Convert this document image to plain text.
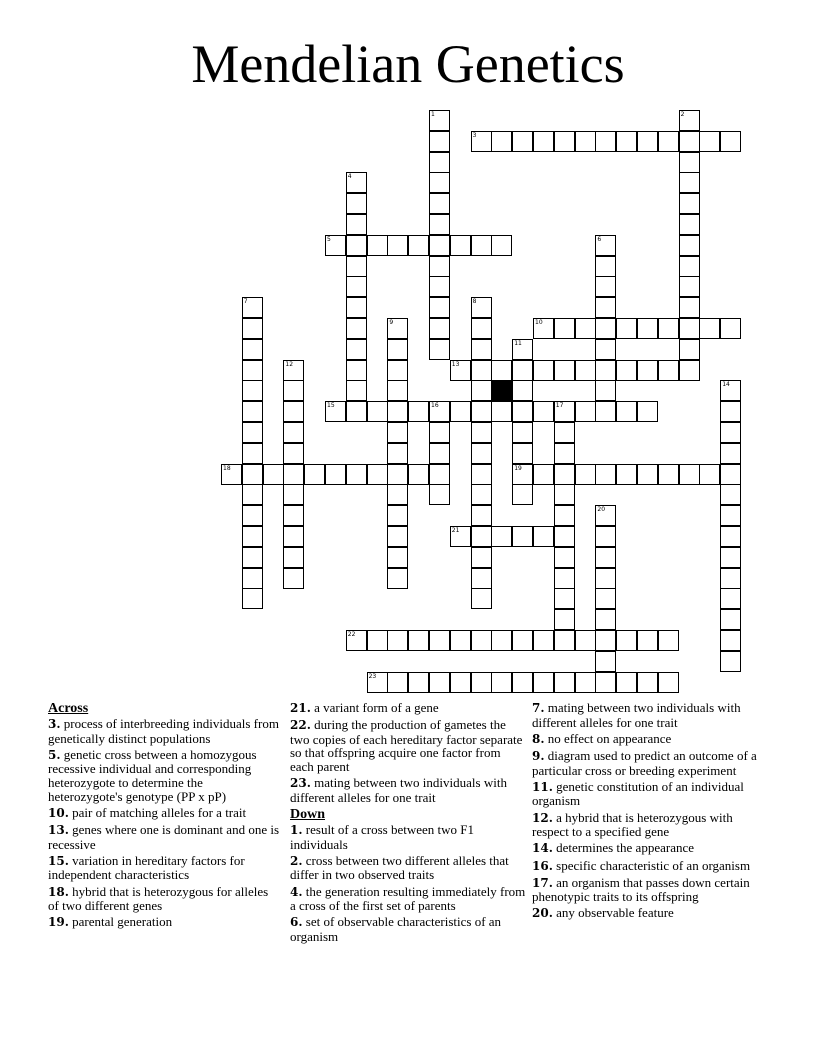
Mendelian Genetics
1	2
3
4
5	6
7	8
9	10
11
19
12	13
14
15	16	17
18
20
21
22
23
Across
3. process of interbreeding individuals from genetically distinct populations
5. genetic cross between a homozygous recessive individual and corresponding heterozygote to determine the heterozygote's genotype (PP x pP)
10. pair of matching alleles for a trait
13. genes where one is dominant and one is recessive
15. variation in hereditary factors for independent characteristics
18. hybrid that is heterozygous for alleles of two different genes
19. parental generation
21. a variant form of a gene
22. during the production of gametes the two copies of each hereditary factor separate so that offspring acquire one factor from each parent
23. mating between two individuals with different alleles for one trait
Down
1. result of a cross between two F1 individuals
2. cross between two different alleles that differ in two observed traits
4. the generation resulting immediately from a cross of the first set of parents
6. set of observable characteristics of an organism
7. mating between two individuals with different alleles for one trait
8. no effect on appearance
9. diagram used to predict an outcome of a particular cross or breeding experiment
11. genetic constitution of an individual organism
12. a hybrid that is heterozygous with respect to a specified gene
14. determines the appearance
16. specific characteristic of an organism
17. an organism that passes down certain phenotypic traits to its offspring
20. any observable feature
